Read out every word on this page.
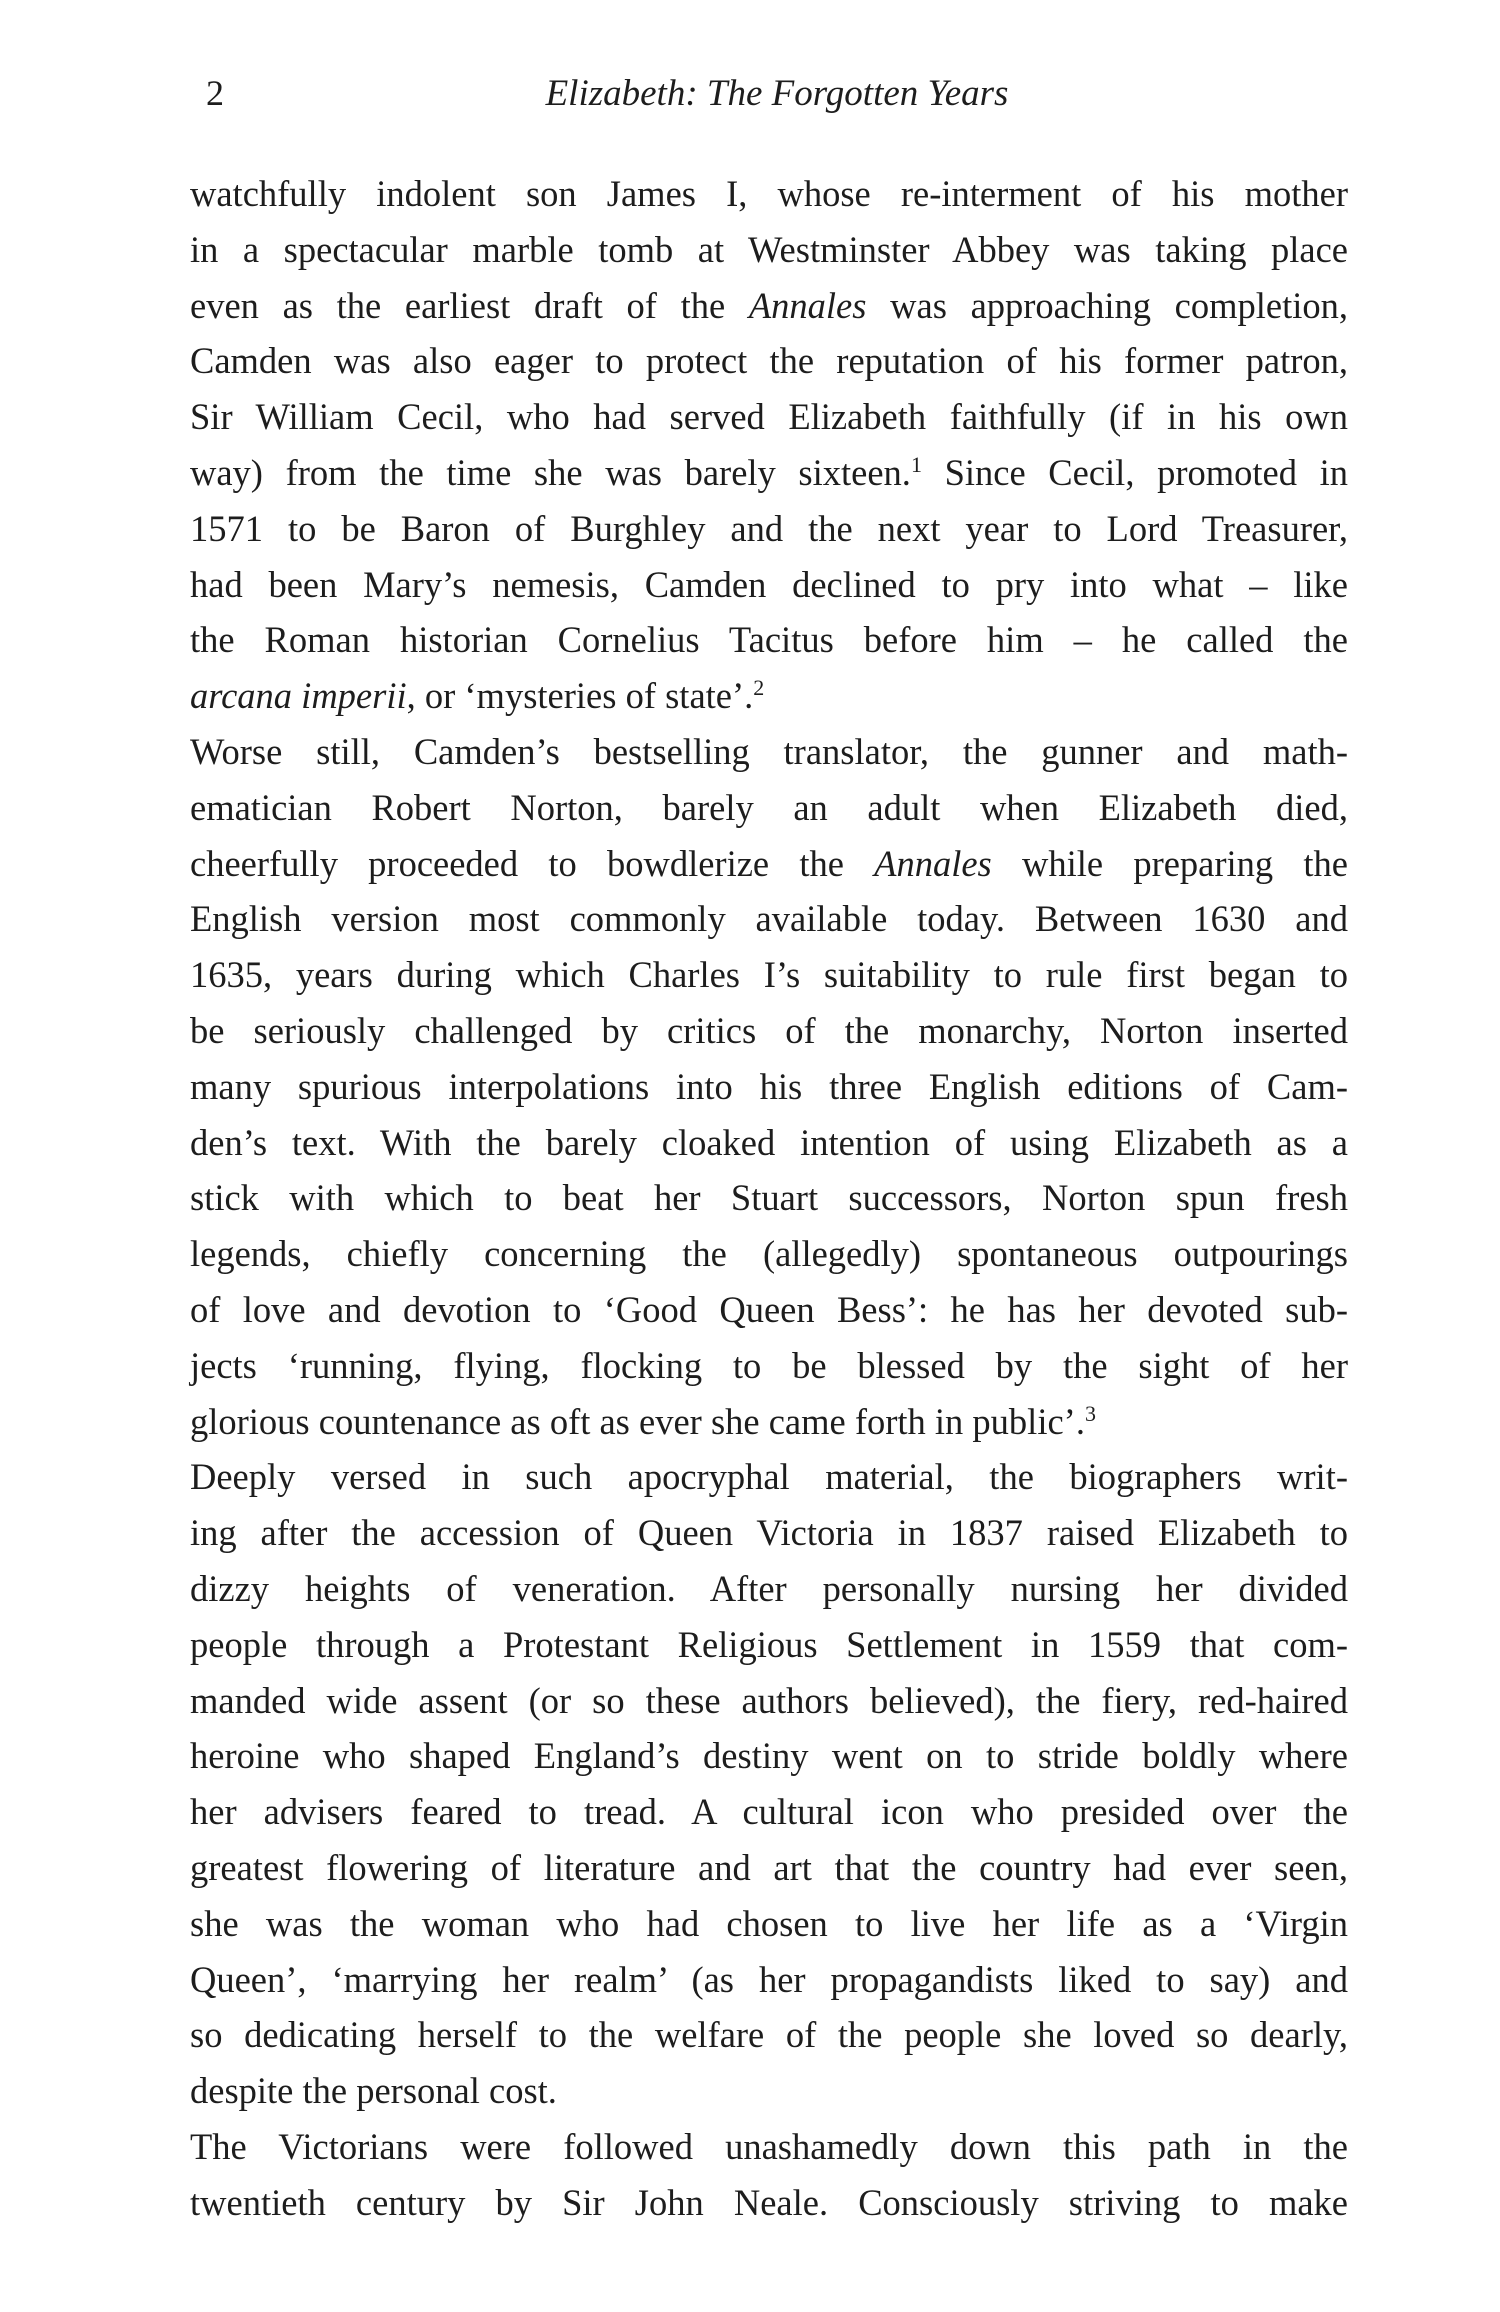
2	Elizabeth: The Forgotten Years
watchfully indolent son James I, whose re-interment of his mother
in a spectacular marble tomb at Westminster Abbey was taking place
even as the earliest draft of the Annales was approaching completion,
Camden was also eager to protect the reputation of his former patron,
Sir William Cecil, who had served Elizabeth faithfully (if in his own
way) from the time she was barely sixteen.$^1$ Since Cecil, promoted in
1571 to be Baron of Burghley and the next year to Lord Treasurer,
had been Mary’s nemesis, Camden declined to pry into what – like
the Roman historian Cornelius Tacitus before him – he called the
arcana imperii, or ‘mysteries of state’.$^2$
Worse still, Camden’s bestselling translator, the gunner and math-
ematician Robert Norton, barely an adult when Elizabeth died,
cheerfully proceeded to bowdlerize the Annales while preparing the
English version most commonly available today. Between 1630 and
1635, years during which Charles I’s suitability to rule first began to
be seriously challenged by critics of the monarchy, Norton inserted
many spurious interpolations into his three English editions of Cam-
den’s text. With the barely cloaked intention of using Elizabeth as a
stick with which to beat her Stuart successors, Norton spun fresh
legends, chiefly concerning the (allegedly) spontaneous outpourings
of love and devotion to ‘Good Queen Bess’: he has her devoted sub-
jects ‘running, flying, flocking to be blessed by the sight of her
glorious countenance as oft as ever she came forth in public’.$^3$
Deeply versed in such apocryphal material, the biographers writ-
ing after the accession of Queen Victoria in 1837 raised Elizabeth to
dizzy heights of veneration. After personally nursing her divided
people through a Protestant Religious Settlement in 1559 that com-
manded wide assent (or so these authors believed), the fiery, red-haired
heroine who shaped England’s destiny went on to stride boldly where
her advisers feared to tread. A cultural icon who presided over the
greatest flowering of literature and art that the country had ever seen,
she was the woman who had chosen to live her life as a ‘Virgin
Queen’, ‘marrying her realm’ (as her propagandists liked to say) and
so dedicating herself to the welfare of the people she loved so dearly,
despite the personal cost.
The Victorians were followed unashamedly down this path in the
twentieth century by Sir John Neale. Consciously striving to make
